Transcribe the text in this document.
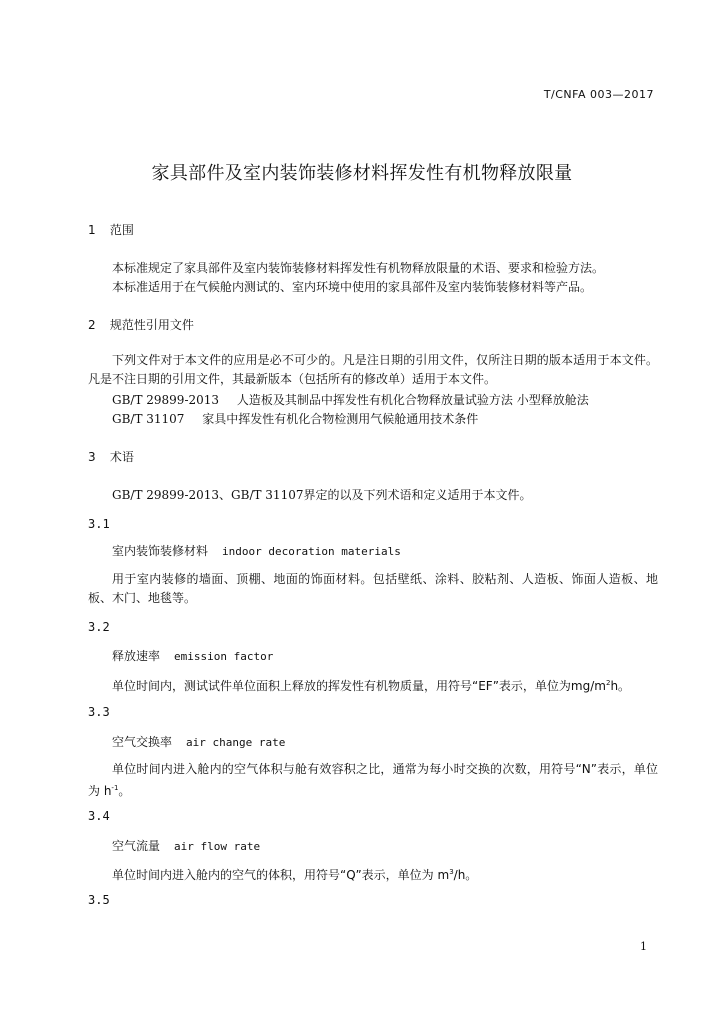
T/CNFA 003—2017
家具部件及室内装饰装修材料挥发性有机物释放限量
1 范围
本标准规定了家具部件及室内装饰装修材料挥发性有机物释放限量的术语、要求和检验方法。
本标准适用于在气候舱内测试的、室内环境中使用的家具部件及室内装饰装修材料等产品。
2 规范性引用文件
下列文件对于本文件的应用是必不可少的。凡是注日期的引用文件，仅所注日期的版本适用于本文件。凡是不注日期的引用文件，其最新版本（包括所有的修改单）适用于本文件。
GB/T 29899-2013 人造板及其制品中挥发性有机化合物释放量试验方法 小型释放舱法
GB/T 31107 家具中挥发性有机化合物检测用气候舱通用技术条件
3 术语
GB/T 29899-2013、GB/T 31107界定的以及下列术语和定义适用于本文件。
3.1
室内装饰装修材料 indoor decoration materials
用于室内装修的墙面、顶棚、地面的饰面材料。包括壁纸、涂料、胶粘剂、人造板、饰面人造板、地板、木门、地毯等。
3.2
释放速率 emission factor
单位时间内，测试试件单位面积上释放的挥发性有机物质量，用符号“EF”表示，单位为$mg/m^2h$。
3.3
空气交换率 air change rate
单位时间内进入舱内的空气体积与舱有效容积之比，通常为每小时交换的次数，用符号“N”表示，单位为 $h^{-1}$。
3.4
空气流量 air flow rate
单位时间内进入舱内的空气的体积，用符号“Q”表示，单位为 $m^3/h$。
3.5
1
